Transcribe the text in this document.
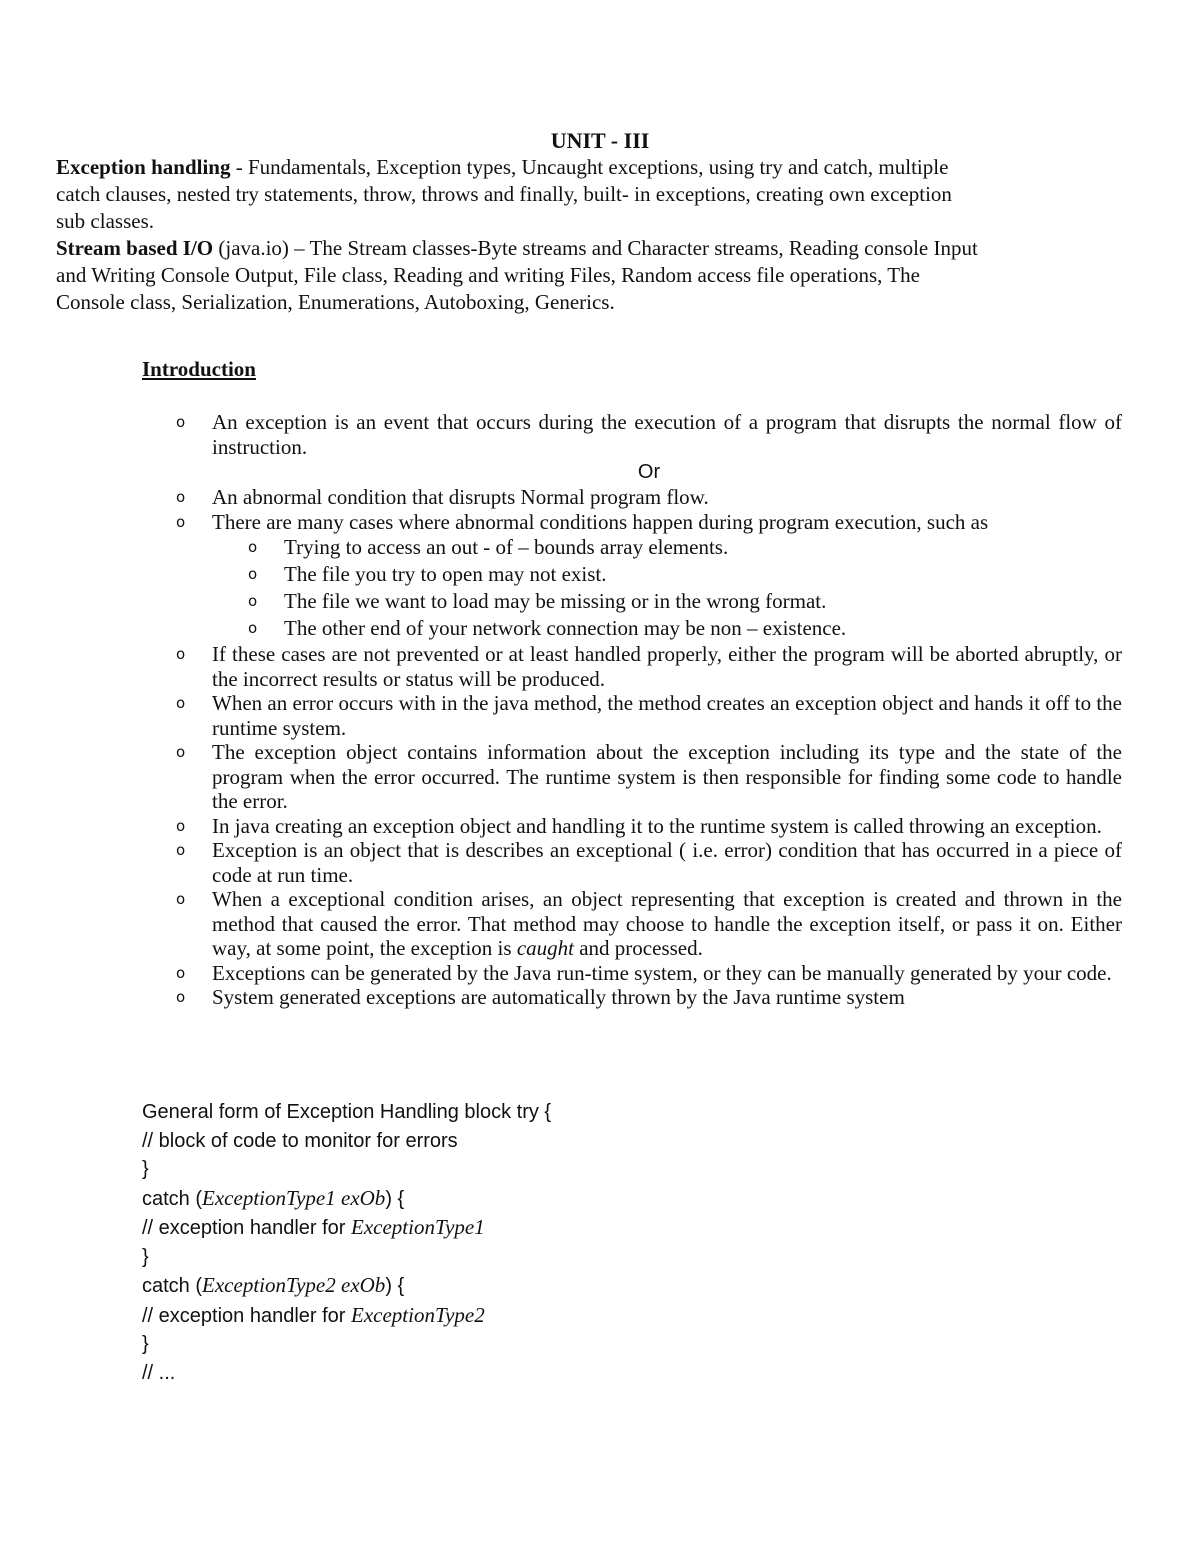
UNIT - III

Exception handling - Fundamentals, Exception types, Uncaught exceptions, using try and catch, multiple catch clauses, nested try statements, throw, throws and finally, built- in exceptions, creating own exception sub classes.

Stream based I/O (java.io) – The Stream classes-Byte streams and Character streams, Reading console Input and Writing Console Output, File class, Reading and writing Files, Random access file operations, The Console class, Serialization, Enumerations, Autoboxing, Generics.

Introduction
o An exception is an event that occurs during the execution of a program that disrupts the normal flow of instruction.
Or
o An abnormal condition that disrupts Normal program flow.
o There are many cases where abnormal conditions happen during program execution, such as
o Trying to access an out - of – bounds array elements.
o The file you try to open may not exist.
o The file we want to load may be missing or in the wrong format.
o The other end of your network connection may be non – existence.
o If these cases are not prevented or at least handled properly, either the program will be aborted abruptly, or the incorrect results or status will be produced.
o When an error occurs with in the java method, the method creates an exception object and hands it off to the runtime system.
o The exception object contains information about the exception including its type and the state of the program when the error occurred. The runtime system is then responsible for finding some code to handle the error.
o In java creating an exception object and handling it to the runtime system is called throwing an exception.
o Exception is an object that is describes an exceptional ( i.e. error) condition that has occurred in a piece of code at run time.
o When a exceptional condition arises, an object representing that exception is created and thrown in the method that caused the error. That method may choose to handle the exception itself, or pass it on. Either way, at some point, the exception is caught and processed.
o Exceptions can be generated by the Java run-time system, or they can be manually generated by your code.
o System generated exceptions are automatically thrown by the Java runtime system
General form of Exception Handling block try {
// block of code to monitor for errors
}
catch (ExceptionType1 exOb) {
// exception handler for ExceptionType1
}
catch (ExceptionType2 exOb) {
// exception handler for ExceptionType2
}
// ...
